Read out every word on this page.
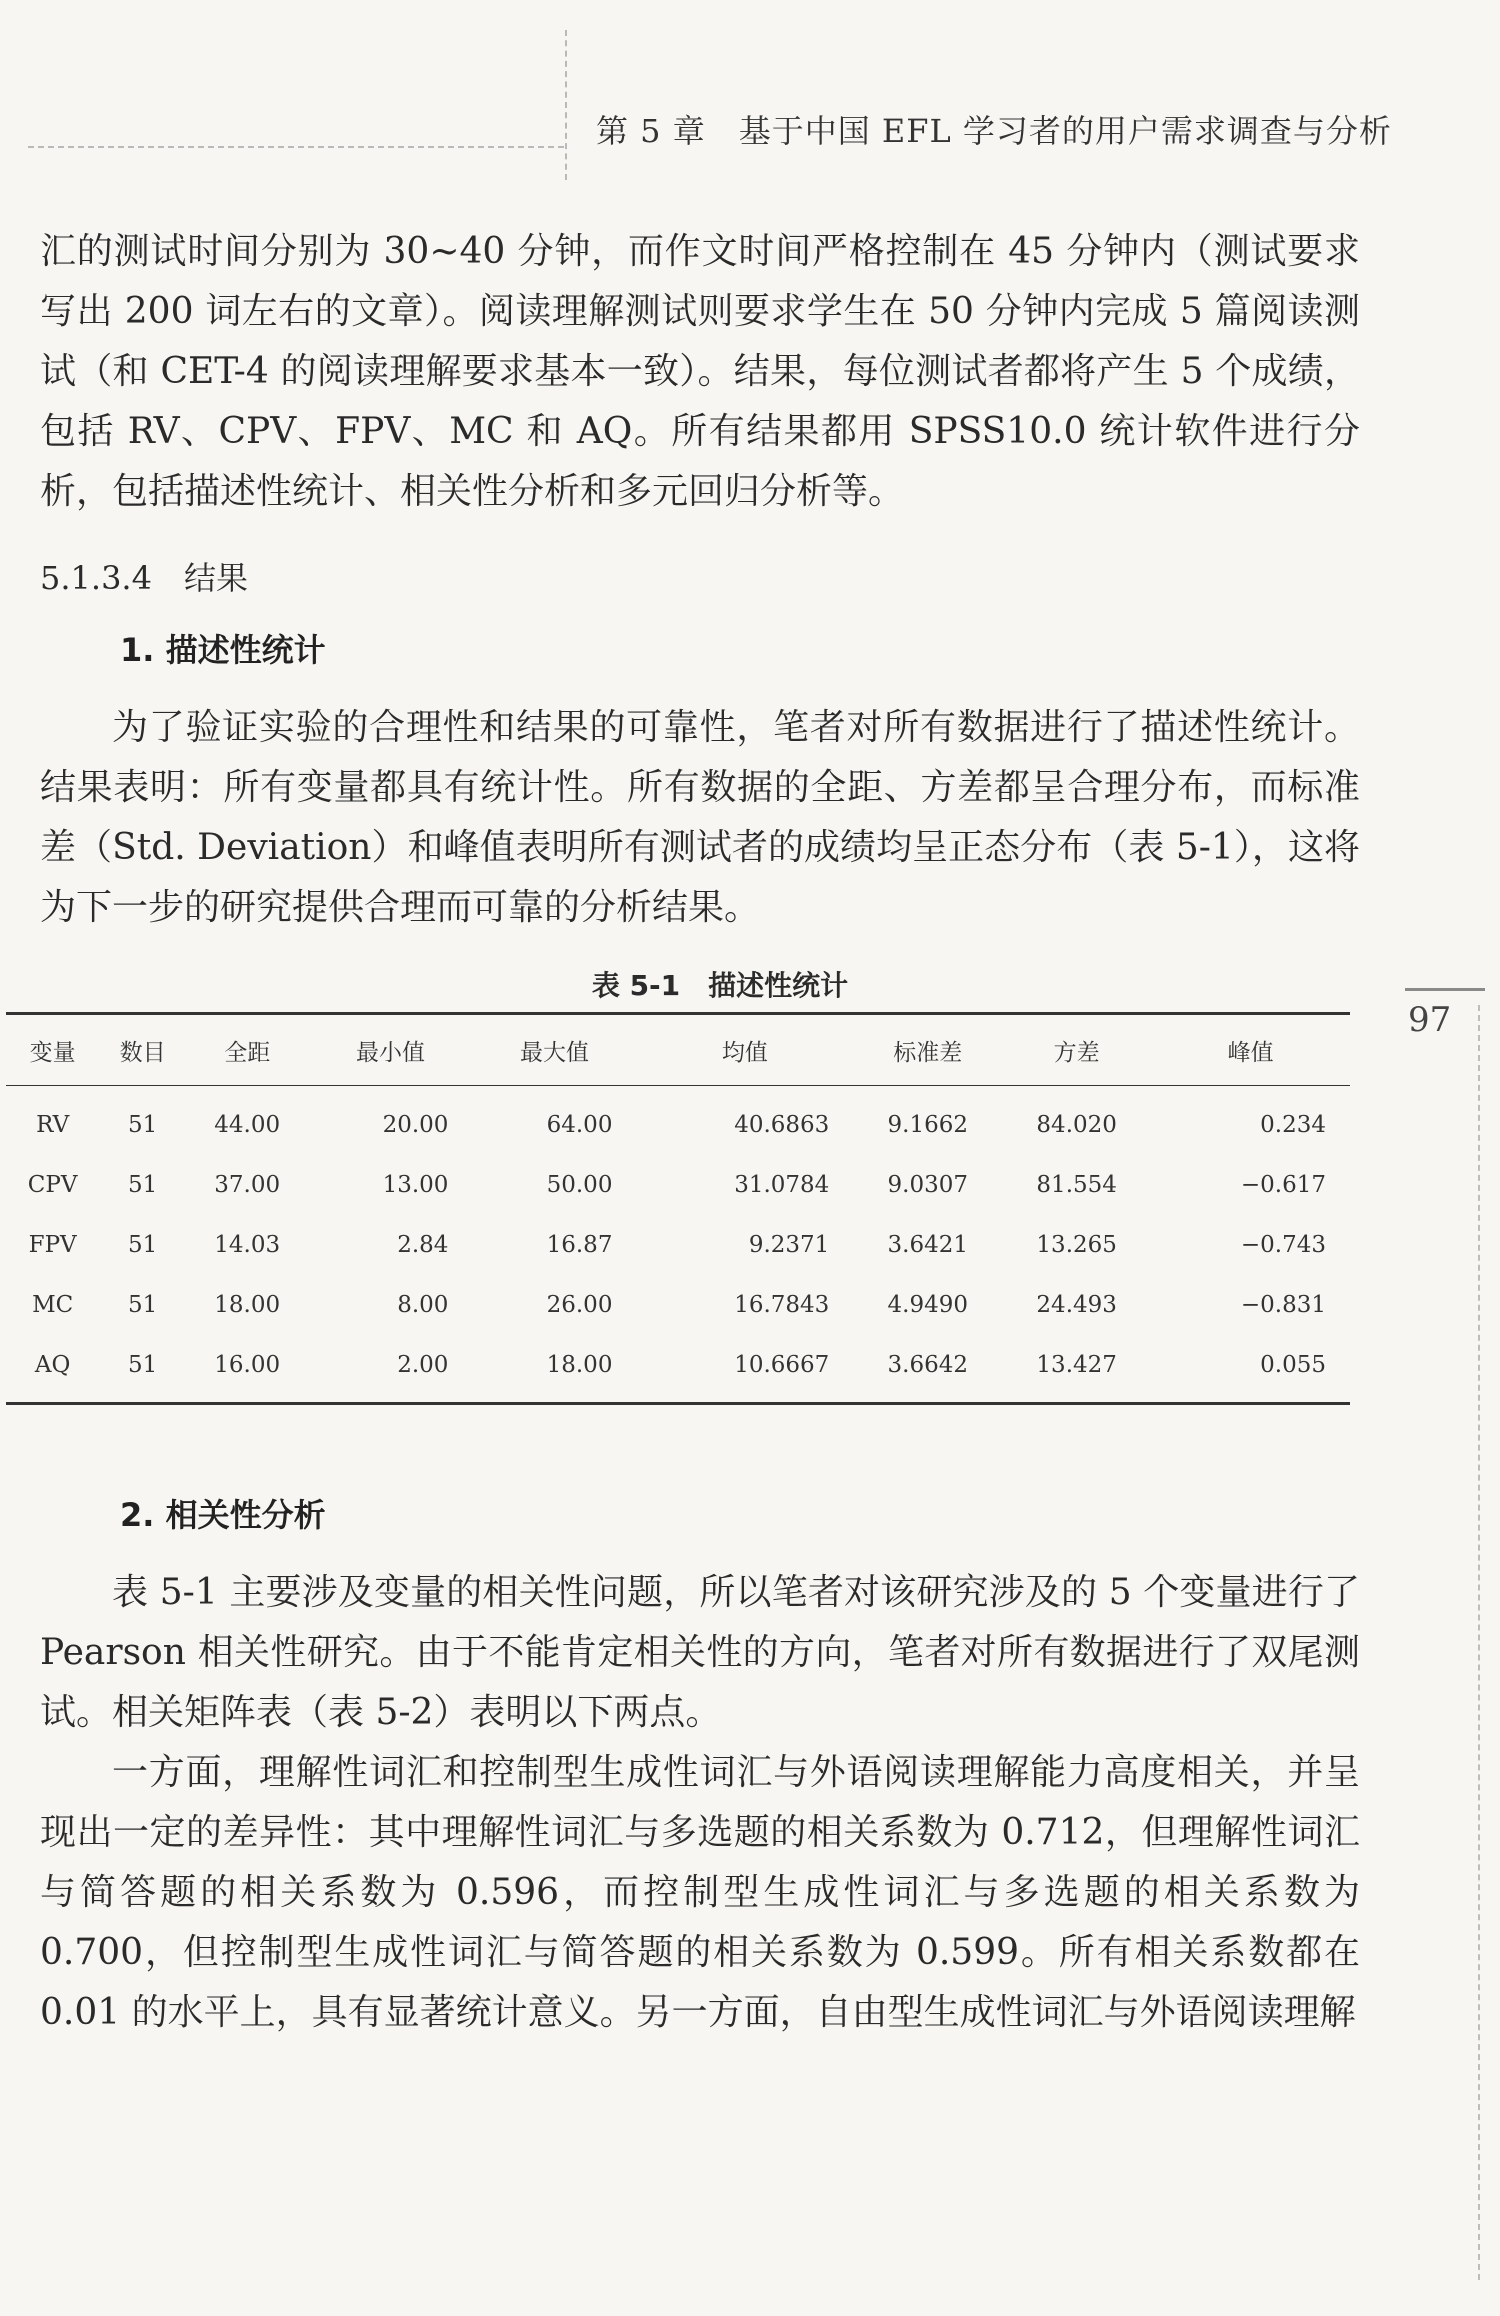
第 5 章　基于中国 EFL 学习者的用户需求调查与分析
97

汇的测试时间分别为 30~40 分钟，而作文时间严格控制在 45 分钟内（测试要求写出 200 词左右的文章）。阅读理解测试则要求学生在 50 分钟内完成 5 篇阅读测试（和 CET-4 的阅读理解要求基本一致）。结果，每位测试者都将产生 5 个成绩，包括 RV、CPV、FPV、MC 和 AQ。所有结果都用 SPSS10.0 统计软件进行分析，包括描述性统计、相关性分析和多元回归分析等。

5.1.3.4　结果
1. 描述性统计

为了验证实验的合理性和结果的可靠性，笔者对所有数据进行了描述性统计。结果表明：所有变量都具有统计性。所有数据的全距、方差都呈合理分布，而标准差（Std. Deviation）和峰值表明所有测试者的成绩均呈正态分布（表 5-1），这将为下一步的研究提供合理而可靠的分析结果。

表 5-1　描述性统计
变量	数目	全距	最小值	最大值	均值	标准差	方差	峰值
RV	51	44.00	20.00	64.00	40.6863	9.1662	84.020	0.234
CPV	51	37.00	13.00	50.00	31.0784	9.0307	81.554	−0.617
FPV	51	14.03	2.84	16.87	9.2371	3.6421	13.265	−0.743
MC	51	18.00	8.00	26.00	16.7843	4.9490	24.493	−0.831
AQ	51	16.00	2.00	18.00	10.6667	3.6642	13.427	0.055
2. 相关性分析

表 5-1 主要涉及变量的相关性问题，所以笔者对该研究涉及的 5 个变量进行了 Pearson 相关性研究。由于不能肯定相关性的方向，笔者对所有数据进行了双尾测试。相关矩阵表（表 5-2）表明以下两点。

一方面，理解性词汇和控制型生成性词汇与外语阅读理解能力高度相关，并呈现出一定的差异性：其中理解性词汇与多选题的相关系数为 0.712，但理解性词汇与简答题的相关系数为 0.596，而控制型生成性词汇与多选题的相关系数为 0.700，但控制型生成性词汇与简答题的相关系数为 0.599。所有相关系数都在 0.01 的水平上，具有显著统计意义。另一方面，自由型生成性词汇与外语阅读理解
